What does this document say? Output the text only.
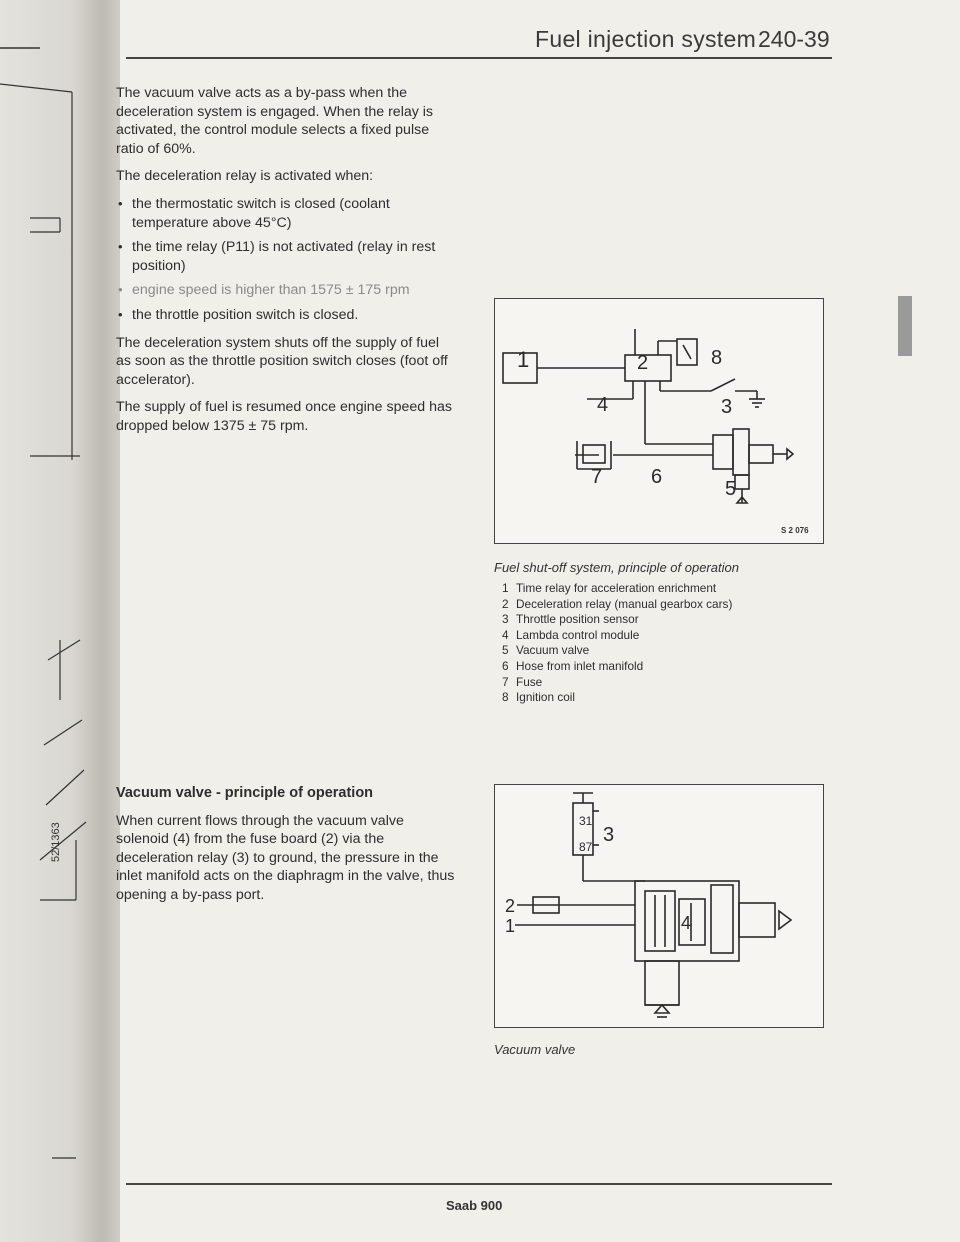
52/1363
Fuel injection system 240-39

The vacuum valve acts as a by-pass when the deceleration system is engaged. When the relay is activated, the control module selects a fixed pulse ratio of 60%.

The deceleration relay is activated when:

• the thermostatic switch is closed (coolant temperature above 45°C)
• the time relay (P11) is not activated (relay in rest position)
• engine speed is higher than 1575 ± 175 rpm
• the throttle position switch is closed.

The deceleration system shuts off the supply of fuel as soon as the throttle position switch closes (foot off accelerator).

The supply of fuel is resumed once engine speed has dropped below 1375 ± 75 rpm.

Vacuum valve - principle of operation

When current flows through the vacuum valve solenoid (4) from the fuse board (2) via the deceleration relay (3) to ground, the pressure in the inlet manifold acts on the diaphragm in the valve, thus opening a by-pass port.

1	2	8
4	3
7 6
5
S 2 076
Fuel shut-off system, principle of operation
1 Time relay for acceleration enrichment
2 Deceleration relay (manual gearbox cars)
3 Throttle position sensor
4 Lambda control module
5 Vacuum valve
6 Hose from inlet manifold
7 Fuse
8 Ignition coil
31
87
3
2
1	4
Vacuum valve
Saab 900
